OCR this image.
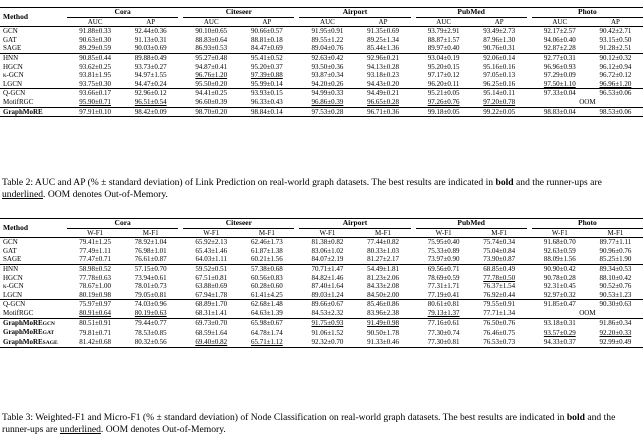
Method		Cora			Citeseer			Airport			PubMed			Photo	
		AUC	AP		AUC	AP		AUC	AP		AUC	AP		AUC	AP
GCN		91.88±0.33	92.44±0.36		90.10±0.65	90.66±0.57		91.95±0.91	91.35±0.69		93.79±2.91	93.49±2.73		92.17±2.57	90.42±2.71
GAT		90.63±0.30	91.13±0.31		88.83±0.64	88.81±0.18		89.55±1.22	89.25±1.34		88.87±1.57	87.96±1.30		94.06±0.40	93.15±0.50
SAGE		89.29±0.59	90.03±0.69		86.93±0.53	84.47±0.69		89.04±0.76	85.44±1.36		89.97±0.40	90.76±0.31		92.87±2.28	91.28±2.51
HNN		90.85±0.44	89.88±0.49		95.27±0.48	95.41±0.52		92.63±0.42	92.96±0.21		93.04±0.19	92.06±0.14		92.77±0.31	90.12±0.32
HGCN		93.62±0.25	93.73±0.27		94.87±0.41	95.20±0.37		93.50±0.36	94.13±0.28		95.20±0.15	95.16±0.16		96.96±0.93	96.12±0.94
κ-GCN		93.81±1.95	94.97±1.55		96.76±1.20	97.39±0.88		93.87±0.34	93.18±0.23		97.17±0.12	97.05±0.13		97.29±0.09	96.72±0.12
LGCN		93.75±0.30	94.47±0.24		95.50±0.20	95.99±0.14		94.20±0.26	94.43±0.20		96.20±0.11	96.25±0.16		97.50±1.10	96.96±1.20
Q-GCN		93.66±0.17	92.96±0.12		94.41±0.25	93.93±0.15		94.99±0.33	94.49±0.21		95.21±0.05	95.14±0.11		97.33±0.04	96.53±0.06
MotifRGC		95.90±0.71	96.51±0.54		96.60±0.39	96.33±0.43		96.86±0.39	96.65±0.28		97.26±0.76	97.20±0.78		OOM	
GraphMoRE		97.91±0.10	98.42±0.09		98.70±0.20	98.84±0.14		97.53±0.28	96.71±0.36		99.18±0.05	99.22±0.05		98.83±0.04	98.53±0.06
Table 2: AUC and AP (% ± standard deviation) of Link Prediction on real-world graph datasets. The best results are indicated in bold and the runner-ups are underlined. OOM denotes Out-of-Memory.
Method		Cora			Citeseer			Airport			PubMed			Photo	
		W-F1	M-F1		W-F1	M-F1		W-F1	M-F1		W-F1	M-F1		W-F1	M-F1
GCN		79.41±1.25	78.92±1.04		65.92±2.13	62.46±1.73		81.38±0.82	77.44±0.82		75.95±0.40	75.74±0.34		91.68±0.70	89.77±1.11
GAT		77.49±1.11	76.98±1.01		65.43±1.46	61.87±1.38		83.06±1.02	80.33±1.03		75.33±0.89	75.04±0.84		92.63±0.59	90.96±0.76
SAGE		77.47±0.71	76.61±0.87		64.03±1.11	60.21±1.56		84.07±2.19	81.27±2.17		73.97±0.90	73.90±0.87		88.09±1.56	85.25±1.90
HNN		58.98±0.52	57.15±0.70		59.52±0.51	57.38±0.68		70.71±1.47	54.49±1.81		69.56±0.71	68.85±0.49		90.90±0.42	89.34±0.53
HGCN		77.78±0.63	73.94±0.61		67.51±0.81	60.56±0.83		84.82±1.46	81.23±2.06		78.69±0.59	77.78±0.50		90.78±0.28	88.10±0.42
κ-GCN		78.67±1.00	78.01±0.73		63.88±0.69	60.28±0.60		87.40±1.64	84.33±2.08		77.31±1.71	76.37±1.54		92.31±0.45	90.52±0.76
LGCN		80.19±0.98	79.05±0.81		67.94±1.78	61.41±4.25		89.03±1.24	84.50±2.00		77.19±0.41	76.92±0.44		92.97±0.32	90.53±1.23
Q-GCN		75.97±0.97	74.03±0.96		68.89±1.70	62.68±1.48		89.66±0.67	85.46±0.86		80.61±0.81	79.55±0.91		91.85±0.47	90.30±0.63
MotifRGC		80.91±0.64	80.19±0.63		68.31±1.41	64.63±1.39		84.53±2.32	83.96±2.38		79.13±1.37	77.71±1.34		OOM	
GraphMoREGCN		80.51±0.91	79.44±0.77		69.73±0.70	65.98±0.67		91.75±0.93	91.49±0.98		77.16±0.61	76.50±0.76		93.18±0.31	91.86±0.34
GraphMoREGAT		79.81±0.71	78.53±0.85		68.59±1.64	64.78±1.74		91.06±1.52	90.50±1.78		77.30±0.74	76.46±0.75		93.57±0.29	92.20±0.33
GraphMoRESAGE		81.42±0.68	80.32±0.56		69.40±0.82	65.71±1.12		92.32±0.70	91.33±0.46		77.30±0.81	76.53±0.73		94.33±0.37	92.99±0.49
Table 3: Weighted-F1 and Micro-F1 (% ± standard deviation) of Node Classification on real-world graph datasets. The best results are indicated in bold and the runner-ups are underlined. OOM denotes Out-of-Memory.
